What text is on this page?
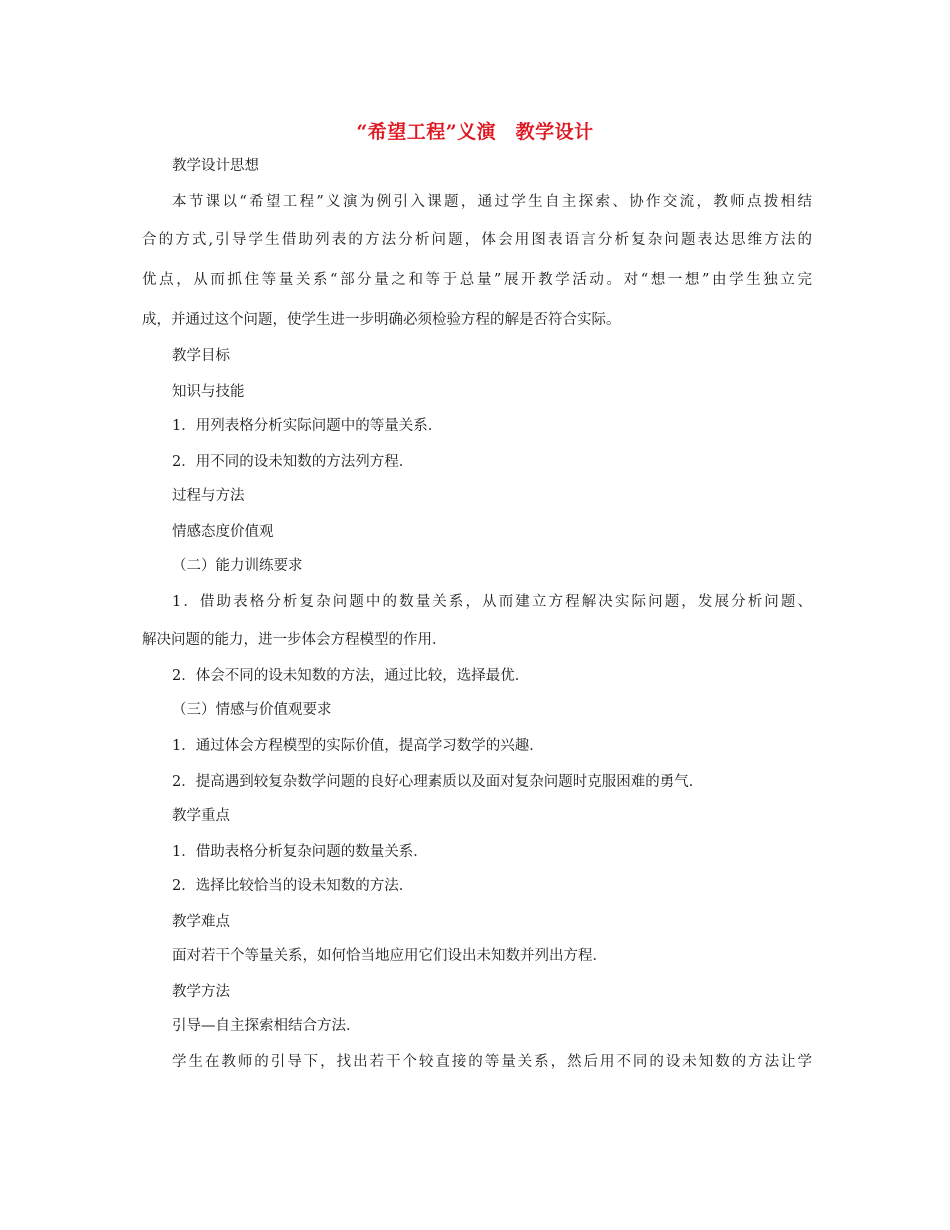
“希望工程”义演　教学设计
教学设计思想
本节课以“希望工程”义演为例引入课题，通过学生自主探索、协作交流，教师点拨相结
合的方式,引导学生借助列表的方法分析问题，体会用图表语言分析复杂问题表达思维方法的
优点，从而抓住等量关系“部分量之和等于总量”展开教学活动。对“想一想”由学生独立完
成，并通过这个问题，使学生进一步明确必须检验方程的解是否符合实际。
教学目标
知识与技能
1．用列表格分析实际问题中的等量关系．
2．用不同的设未知数的方法列方程．
过程与方法
情感态度价值观
（二）能力训练要求
1．借助表格分析复杂问题中的数量关系，从而建立方程解决实际问题，发展分析问题、
解决问题的能力，进一步体会方程模型的作用．
2．体会不同的设未知数的方法，通过比较，选择最优．
（三）情感与价值观要求
1．通过体会方程模型的实际价值，提高学习数学的兴趣．
2．提高遇到较复杂数学问题的良好心理素质以及面对复杂问题时克服困难的勇气．
教学重点
1．借助表格分析复杂问题的数量关系．
2．选择比较恰当的设未知数的方法．
教学难点
面对若干个等量关系，如何恰当地应用它们设出未知数并列出方程．
教学方法
引导—自主探索相结合方法．
学生在教师的引导下，找出若干个较直接的等量关系，然后用不同的设未知数的方法让学
